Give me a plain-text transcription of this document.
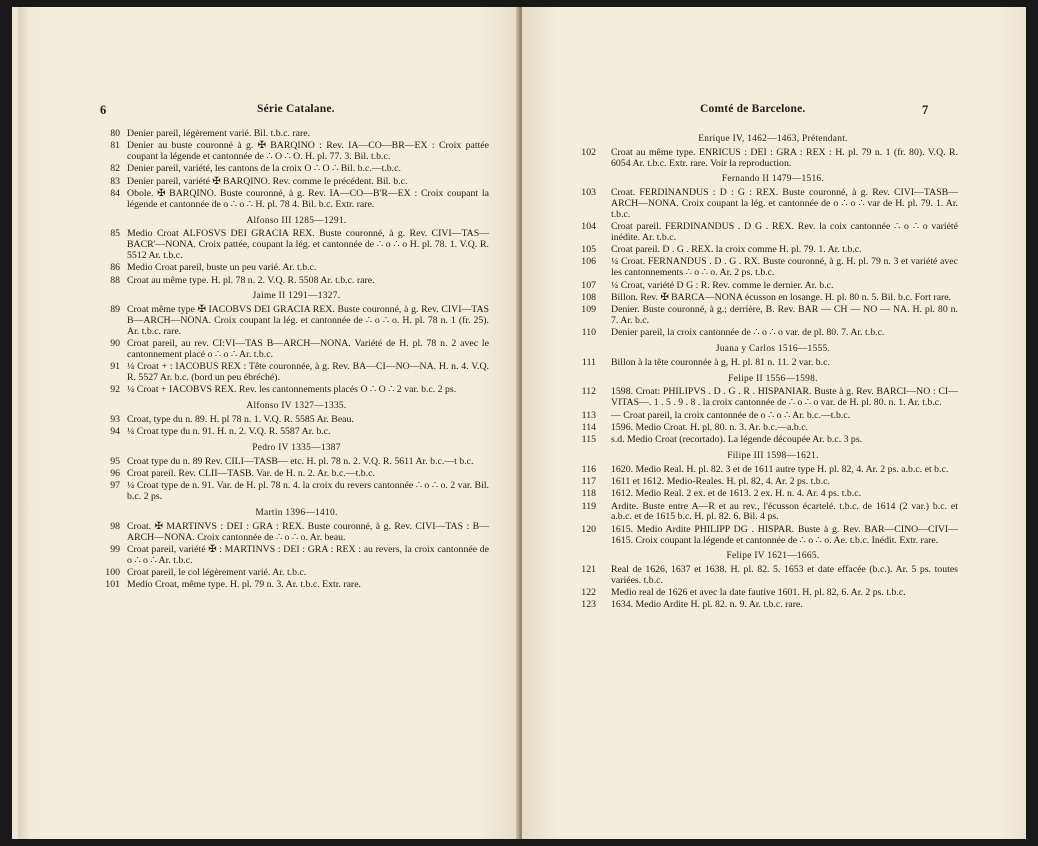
6	Série Catalane.
80 Denier pareil, légèrement varié. Bil. t.b.c. rare.
81 Denier au buste couronné à g. ✠ BARQINO : Rev. IA—CO—BR—EX : Croix pattée coupant la légende et cantonnée de ∴ O ∴ O. H. pl. 77. 3. Bil. t.b.c.
82 Denier pareil, variété, les cantons de la croix O ∴ O ∴ Bil. b.c.—t.b.c.
83 Denier pareil, variété ✠ BARQINO. Rev. comme le précédent. Bil. b.c.
84 Obole. ✠ BARQINO. Buste couronné, à g. Rev. IA—CO—B'R—EX : Croix coupant la légende et cantonnée de o ∴ o ∴ H. pl. 78 4. Bil. b.c. Extr. rare.
Alfonso III 1285—1291.
85 Medio Croat ALFOSVS DEI GRACIA REX. Buste couronné, à g. Rev. CIVI—TAS—BACR'—NONA. Croix pattée, coupant la lég. et cantonnée de ∴ o ∴ o H. pl. 78. 1. V.Q. R. 5512 Ar. t.b.c.
86 Medio Croat pareil, buste un peu varié. Ar. t.b.c.
88 Croat au même type. H. pl. 78 n. 2. V.Q. R. 5508 Ar. t.b.c. rare.
Jaime II 1291—1327.
89 Croat même type ✠ IACOBVS DEI GRACIA REX. Buste couronné, à g. Rev. CIVI—TAS B—ARCH—NONA. Croix coupant la lég. et cantonnée de ∴ o ∴ o. H. pl. 78 n. 1 (fr. 25). Ar. t.b.c. rare.
90 Croat pareil, au rev. CI:VI—TAS B—ARCH—NONA. Variété de H. pl. 78 n. 2 avec le cantonnement placé o ∴ o ∴ Ar. t.b.c.
91 ¼ Croat + : IACOBUS REX : Tête couronnée, à g. Rev. BA—CI—NO—NA. H. n. 4. V.Q. R. 5527 Ar. b.c. (bord un peu ébréché).
92 ¼ Croat + IACOBVS REX. Rev. les cantonnements placés O ∴ O ∴ 2 var. b.c. 2 ps.
Alfonso IV 1327—1335.
93 Croat, type du n. 89. H. pl 78 n. 1. V.Q. R. 5585 Ar. Beau.
94 ¼ Croat type du n. 91. H. n. 2. V.Q. R. 5587 Ar. b.c.
Pedro IV 1335—1387
95 Croat type du n. 89 Rev. CILI—TASB— etc. H. pl. 78 n. 2. V.Q. R. 5611 Ar. b.c.—t b.c.
96 Croat pareil. Rev. CLII—TASB. Var. de H. n. 2. Ar. b.c.—t.b.c.
97 ¼ Croat type de n. 91. Var. de H. pl. 78 n. 4. la croix du revers cantonnée ∴ o ∴ o. 2 var. Bil. b.c. 2 ps.
Martin 1396—1410.
98 Croat. ✠ MARTINVS : DEI : GRA : REX. Buste couronné, à g. Rev. CIVI—TAS : B—ARCH—NONA. Croix cantonnée de ∴ o ∴ o. Ar. beau.
99 Croat pareil, variété ✠ : MARTINVS : DEI : GRA : REX : au revers, la croix cantonnée de o ∴ o ∴ Ar. t.b.c.
100 Croat pareil, le col légèrement varié. Ar. t.b.c.
101 Medio Croat, même type. H. pl. 79 n. 3. Ar. t.b.c. Extr. rare.
7
Comté de Barcelone.
Enrique IV, 1462—1463, Prétendant.
102 Croat au même type. ENRICUS : DEI : GRA : REX : H. pl. 79 n. 1 (fr. 80). V.Q. R. 6054 Ar. t.b.c. Extr. rare. Voir la reproduction.
Fernando II 1479—1516.
103 Croat. FERDINANDUS : D : G : REX. Buste couronné, à g. Rev. CIVI—TASB—ARCH—NONA. Croix coupant la lég. et cantonnée de o ∴ o ∴ var de H. pl. 79. 1. Ar. t.b.c.
104 Croat pareil. FERDINANDUS . D G . REX. Rev. la coix cantonnée ∴ o ∴ o variété inédite. Ar. t.b.c.
105 Croat pareil. D . G . REX. la croix comme H. pl. 79. 1. Ar. t.b.c.
106 ¼ Croat. FERNANDUS . D . G . RX. Buste couronné, à g. H. pl. 79 n. 3 et variété avec les cantonnements ∴ o ∴ o. Ar. 2 ps. t.b.c.
107 ¼ Croat, variété D G : R. Rev. comme le dernier. Ar. b.c.
108 Billon. Rev. ✠ BARCA—NONA écusson en losange. H. pl. 80 n. 5. Bil. b.c. Fort rare.
109 Denier. Buste couronné, à g.; derrière, B. Rev. BAR — CH — NO — NA. H. pl. 80 n. 7. Ar. b.c.
110 Denier pareil, la croix cantonnée de ∴ o ∴ o var. de pl. 80. 7. Ar. t.b.c.
Juana y Carlos 1516—1555.
111 Billon à la tête couronnée à g, H. pl. 81 n. 11. 2 var. b.c.
Felipe II 1556—1598.
112 1598. Croat: PHILIPVS . D . G . R . HISPANIAR. Buste à g. Rev. BARCI—NO : CI—VITAS—. 1 . 5 . 9 . 8 . la croix cantonnée de ∴ o ∴ o var. de H. pl. 80. n. 1. Ar. t.b.c.
113 — Croat pareil, la croix cantonnée de o ∴ o ∴ Ar. b.c.—t.b.c.
114 1596. Medio Croat. H. pl. 80. n. 3. Ar. b.c.—a.b.c.
115 s.d. Medio Croat (recortado). La légende découpée Ar. b.c. 3 ps.
Filipe III 1598—1621.
116 1620. Medio Real. H. pl. 82. 3 et de 1611 autre type H. pl. 82, 4. Ar. 2 ps. a.b.c. et b.c.
117 1611 et 1612. Medio-Reales. H. pl. 82, 4. Ar. 2 ps. t.b.c.
118 1612. Medio Real. 2 ex. et de 1613. 2 ex. H. n. 4. Ar. 4 ps. t.b.c.
119 Ardite. Buste entre A—R et au rev., l'écusson écartelé. t.b.c. de 1614 (2 var.) b.c. et a.b.c. et de 1615 b.c. H. pl. 82. 6. Bil. 4 ps.
120 1615. Medio Ardite PHILIPP DG . HISPAR. Buste à g. Rev. BAR—CINO—CIVI—1615. Croix coupant la légende et cantonnée de ∴ o ∴ o. Ae. t.b.c. Inédit. Extr. rare.
Felipe IV 1621—1665.
121 Real de 1626, 1637 et 1638. H. pl. 82. 5. 1653 et date effacée (b.c.). Ar. 5 ps. toutes variées. t.b.c.
122 Medio real de 1626 et avec la date fautive 1601. H. pl. 82, 6. Ar. 2 ps. t.b.c.
123 1634. Medio Ardite H. pl. 82. n. 9. Ar. t.b.c. rare.
